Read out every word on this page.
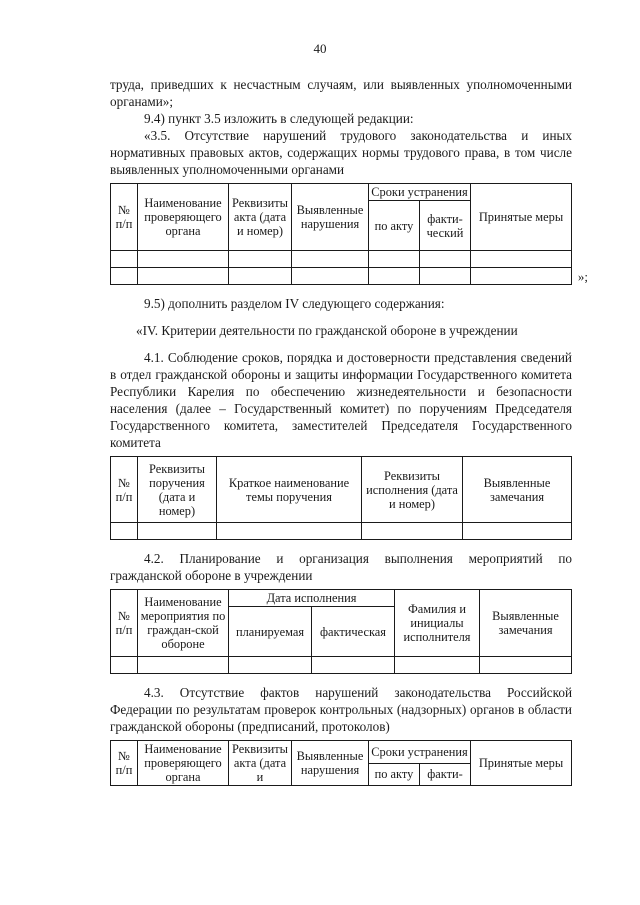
40

труда, приведших к несчастным случаям, или выявленных уполномоченными органами»;

9.4) пункт 3.5 изложить в следующей редакции:

«3.5. Отсутствие нарушений трудового законодательства и иных нормативных правовых актов, содержащих нормы трудового права, в том числе выявленных уполномоченными органами

№ п/п	Наименование проверяющего органа	Реквизиты акта (дата и номер)	Выявленные нарушения	Сроки устранения		Принятые меры
				по акту	факти-ческий	

»;

9.5) дополнить разделом IV следующего содержания:

«IV. Критерии деятельности по гражданской обороне в учреждении

4.1. Соблюдение сроков, порядка и достоверности представления сведений в отдел гражданской обороны и защиты информации Государственного комитета Республики Карелия по обеспечению жизнедеятельности и безопасности населения (далее – Государственный комитет) по поручениям Председателя Государственного комитета, заместителей Председателя Государственного комитета

№ п/п	Реквизиты поручения (дата и номер)	Краткое наименование темы поручения	Реквизиты исполнения (дата и номер)	Выявленные замечания

4.2. Планирование и организация выполнения мероприятий по гражданской обороне в учреждении

№ п/п	Наименование мероприятия по граждан-ской обороне	Дата исполнения		Фамилия и инициалы исполнителя	Выявленные замечания
		планируемая	фактическая		

4.3. Отсутствие фактов нарушений законодательства Российской Федерации по результатам проверок контрольных (надзорных) органов в области гражданской обороны (предписаний, протоколов)

№ п/п	Наименование проверяющего органа	Реквизиты акта (дата и	Выявленные нарушения	Сроки устранения		Принятые меры
				по акту	факти-	
